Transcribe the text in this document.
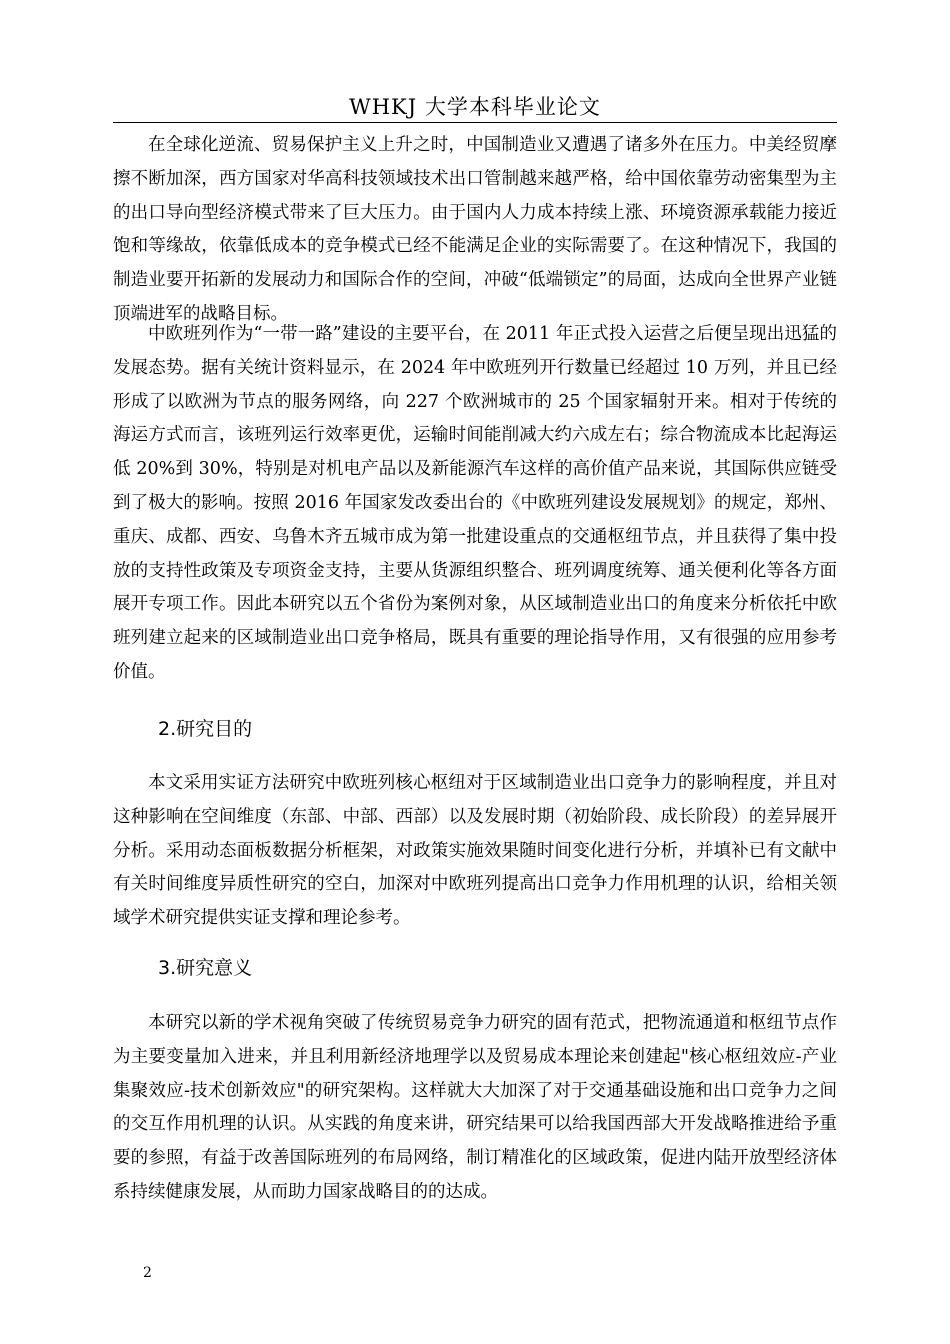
WHKJ 大学本科毕业论文

在全球化逆流、贸易保护主义上升之时，中国制造业又遭遇了诸多外在压力。中美经贸摩擦不断加深，西方国家对华高科技领域技术出口管制越来越严格，给中国依靠劳动密集型为主的出口导向型经济模式带来了巨大压力。由于国内人力成本持续上涨、环境资源承载能力接近饱和等缘故，依靠低成本的竞争模式已经不能满足企业的实际需要了。在这种情况下，我国的制造业要开拓新的发展动力和国际合作的空间，冲破“低端锁定”的局面，达成向全世界产业链顶端进军的战略目标。

中欧班列作为“一带一路”建设的主要平台，在 2011 年正式投入运营之后便呈现出迅猛的发展态势。据有关统计资料显示，在 2024 年中欧班列开行数量已经超过 10 万列，并且已经形成了以欧洲为节点的服务网络，向 227 个欧洲城市的 25 个国家辐射开来。相对于传统的海运方式而言，该班列运行效率更优，运输时间能削减大约六成左右；综合物流成本比起海运低 20%到 30%，特别是对机电产品以及新能源汽车这样的高价值产品来说，其国际供应链受到了极大的影响。按照 2016 年国家发改委出台的《中欧班列建设发展规划》的规定，郑州、重庆、成都、西安、乌鲁木齐五城市成为第一批建设重点的交通枢纽节点，并且获得了集中投放的支持性政策及专项资金支持，主要从货源组织整合、班列调度统筹、通关便利化等各方面展开专项工作。因此本研究以五个省份为案例对象，从区域制造业出口的角度来分析依托中欧班列建立起来的区域制造业出口竞争格局，既具有重要的理论指导作用，又有很强的应用参考价值。

2.研究目的

本文采用实证方法研究中欧班列核心枢纽对于区域制造业出口竞争力的影响程度，并且对这种影响在空间维度（东部、中部、西部）以及发展时期（初始阶段、成长阶段）的差异展开分析。采用动态面板数据分析框架，对政策实施效果随时间变化进行分析，并填补已有文献中有关时间维度异质性研究的空白，加深对中欧班列提高出口竞争力作用机理的认识，给相关领域学术研究提供实证支撑和理论参考。

3.研究意义

本研究以新的学术视角突破了传统贸易竞争力研究的固有范式，把物流通道和枢纽节点作为主要变量加入进来，并且利用新经济地理学以及贸易成本理论来创建起"核心枢纽效应-产业集聚效应-技术创新效应"的研究架构。这样就大大加深了对于交通基础设施和出口竞争力之间的交互作用机理的认识。从实践的角度来讲，研究结果可以给我国西部大开发战略推进给予重要的参照，有益于改善国际班列的布局网络，制订精准化的区域政策，促进内陆开放型经济体系持续健康发展，从而助力国家战略目的的达成。

2
